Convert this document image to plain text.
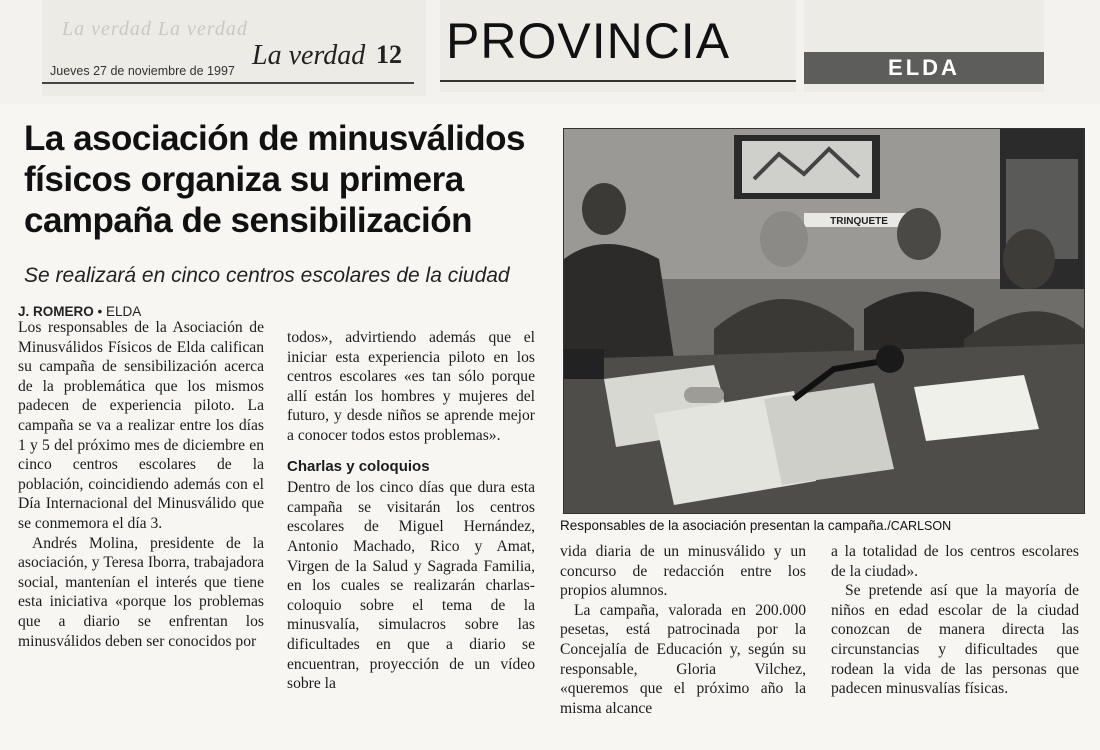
La verdad La verdad
Jueves 27 de noviembre de 1997 La verdad 12 PROVINCIA	ELDA
La asociación de minusválidos físicos organiza su primera campaña de sensibilización
Se realizará en cinco centros escolares de la ciudad
J. ROMERO • ELDA

Los responsables de la Asociación de Minusválidos Físicos de Elda califican su campaña de sensibilización acerca de la problemática que los mismos padecen de experiencia piloto. La campaña se va a realizar entre los días 1 y 5 del próximo mes de diciembre en cinco centros escolares de la población, coincidiendo además con el Día Internacional del Minusválido que se conmemora el día 3.

Andrés Molina, presidente de la asociación, y Teresa Iborra, trabajadora social, mantenían el interés que tiene esta iniciativa «porque los problemas que a diario se enfrentan los minusválidos deben ser conocidos por

todos», advirtiendo además que el iniciar esta experiencia piloto en los centros escolares «es tan sólo porque allí están los hombres y mujeres del futuro, y desde niños se aprende mejor a conocer todos estos problemas».

Charlas y coloquios

Dentro de los cinco días que dura esta campaña se visitarán los centros escolares de Miguel Hernández, Antonio Machado, Rico y Amat, Virgen de la Salud y Sagrada Familia, en los cuales se realizarán charlas-coloquio sobre el tema de la minusvalía, simulacros sobre las dificultades en que a diario se encuentran, proyección de un vídeo sobre la

TRINQUETE
Responsables de la asociación presentan la campaña./CARLSON

vida diaria de un minusválido y un concurso de redacción entre los propios alumnos.

La campaña, valorada en 200.000 pesetas, está patrocinada por la Concejalía de Educación y, según su responsable, Gloria Vilchez, «queremos que el próximo año la misma alcance

a la totalidad de los centros escolares de la ciudad».

Se pretende así que la mayoría de niños en edad escolar de la ciudad conozcan de manera directa las circunstancias y dificultades que rodean la vida de las personas que padecen minusvalías físicas.
